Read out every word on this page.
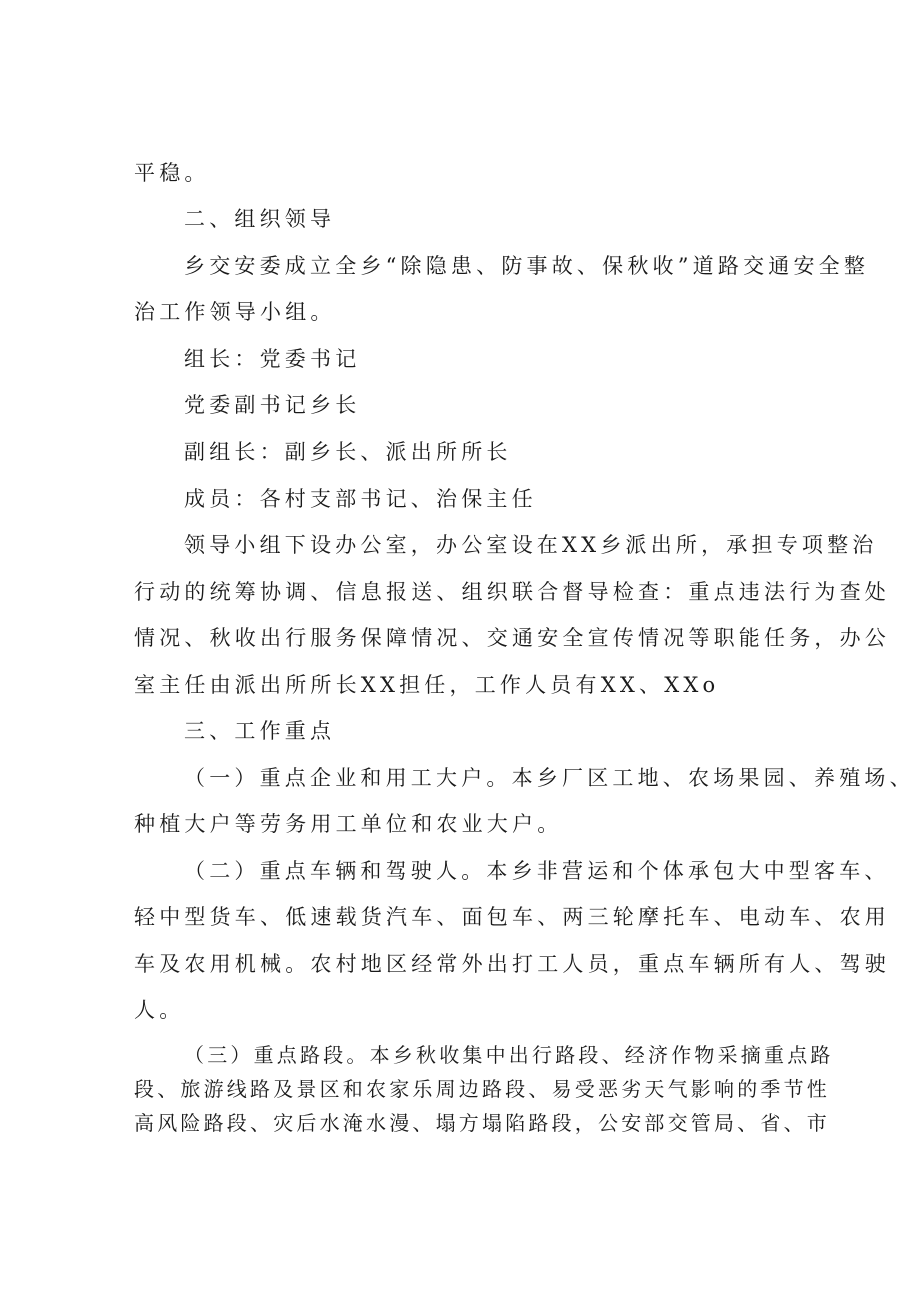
平稳。
二、组织领导
乡交安委成立全乡“除隐患、防事故、保秋收”道路交通安全整
治工作领导小组。
组长：党委书记
党委副书记乡长
副组长：副乡长、派出所所长
成员：各村支部书记、治保主任
领导小组下设办公室，办公室设在XX乡派出所，承担专项整治
行动的统筹协调、信息报送、组织联合督导检查：重点违法行为查处
情况、秋收出行服务保障情况、交通安全宣传情况等职能任务，办公
室主任由派出所所长XX担任，工作人员有XX、XXo
三、工作重点
（一）重点企业和用工大户。本乡厂区工地、农场果园、养殖场、
种植大户等劳务用工单位和农业大户。
（二）重点车辆和驾驶人。本乡非营运和个体承包大中型客车、
轻中型货车、低速载货汽车、面包车、两三轮摩托车、电动车、农用
车及农用机械。农村地区经常外出打工人员，重点车辆所有人、驾驶
人。
（三）重点路段。本乡秋收集中出行路段、经济作物采摘重点路
段、旅游线路及景区和农家乐周边路段、易受恶劣天气影响的季节性
高风险路段、灾后水淹水漫、塌方塌陷路段，公安部交管局、省、市
